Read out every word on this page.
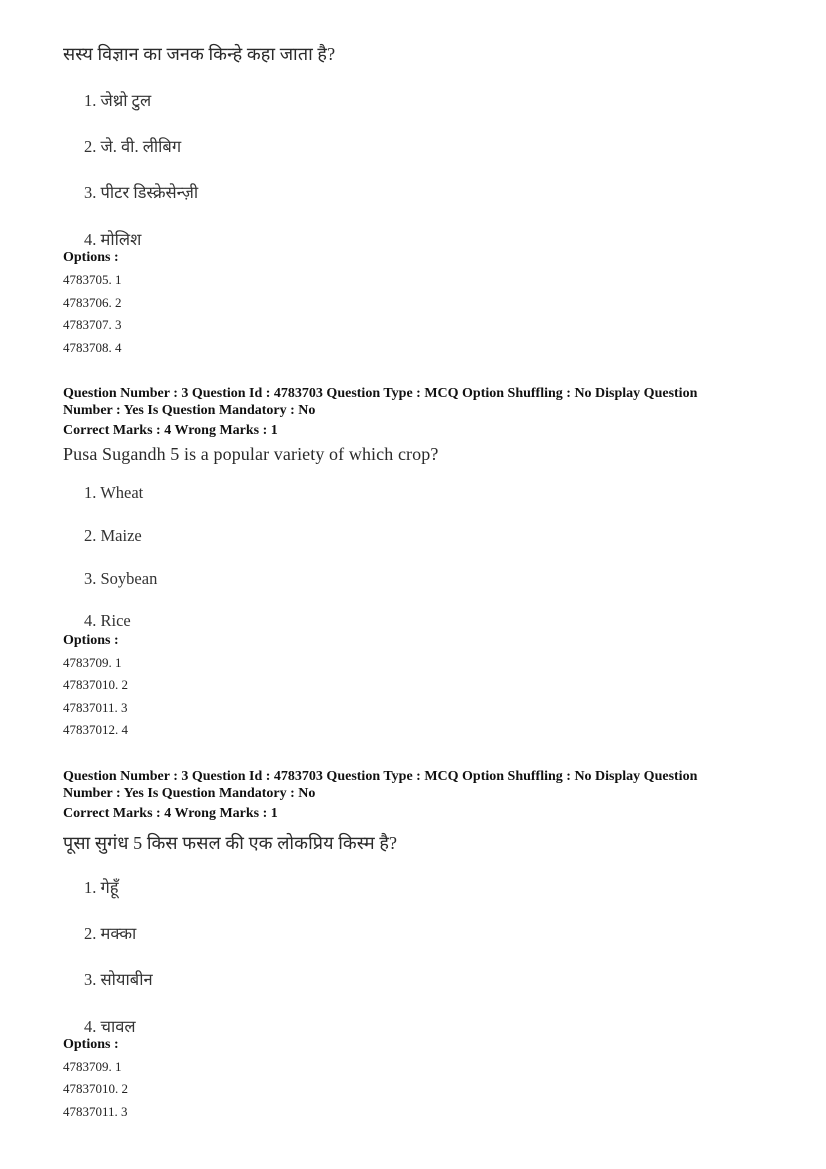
सस्य विज्ञान का जनक किन्हे कहा जाता है?
1. जेथ्रो टुल
2. जे. वी. लीबिग
3. पीटर डिस्क्रेसेन्ज़ी
4. मोलिश
Options :
4783705. 1
4783706. 2
4783707. 3
4783708. 4
Question Number : 3 Question Id : 4783703 Question Type : MCQ Option Shuffling : No Display Question
Number : Yes Is Question Mandatory : No
Correct Marks : 4 Wrong Marks : 1
Pusa Sugandh 5 is a popular variety of which crop?
1. Wheat
2. Maize
3. Soybean
4. Rice
Options :
4783709. 1
47837010. 2
47837011. 3
47837012. 4
Question Number : 3 Question Id : 4783703 Question Type : MCQ Option Shuffling : No Display Question
Number : Yes Is Question Mandatory : No
Correct Marks : 4 Wrong Marks : 1
पूसा सुगंध 5 किस फसल की एक लोकप्रिय किस्म है?
1. गेहूँ
2. मक्का
3. सोयाबीन
4. चावल
Options :
4783709. 1
47837010. 2
47837011. 3
